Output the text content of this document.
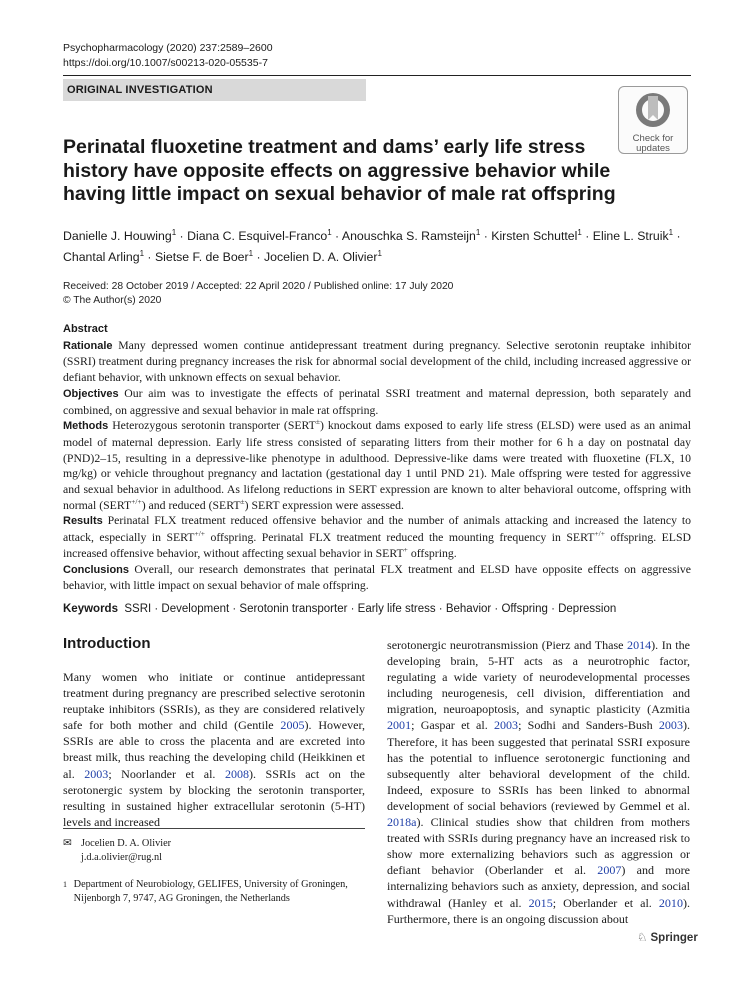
Psychopharmacology (2020) 237:2589–2600
https://doi.org/10.1007/s00213-020-05535-7
ORIGINAL INVESTIGATION
Check for
updates
Perinatal fluoxetine treatment and dams’ early life stress history have opposite effects on aggressive behavior while having little impact on sexual behavior of male rat offspring
Danielle J. Houwing$^1$ · Diana C. Esquivel-Franco$^1$ · Anouschka S. Ramsteijn$^1$ · Kirsten Schuttel$^1$ · Eline L. Struik$^1$ ·
Chantal Arling$^1$ · Sietse F. de Boer$^1$ · Jocelien D. A. Olivier$^1$
Received: 28 October 2019 / Accepted: 22 April 2020 / Published online: 17 July 2020
© The Author(s) 2020
Abstract

Rationale Many depressed women continue antidepressant treatment during pregnancy. Selective serotonin reuptake inhibitor (SSRI) treatment during pregnancy increases the risk for abnormal social development of the child, including increased aggressive or defiant behavior, with unknown effects on sexual behavior.

Objectives Our aim was to investigate the effects of perinatal SSRI treatment and maternal depression, both separately and combined, on aggressive and sexual behavior in male rat offspring.

Methods Heterozygous serotonin transporter (SERT±) knockout dams exposed to early life stress (ELSD) were used as an animal model of maternal depression. Early life stress consisted of separating litters from their mother for 6 h a day on postnatal day (PND)2–15, resulting in a depressive-like phenotype in adulthood. Depressive-like dams were treated with fluoxetine (FLX, 10 mg/kg) or vehicle throughout pregnancy and lactation (gestational day 1 until PND 21). Male offspring were tested for aggressive and sexual behavior in adulthood. As lifelong reductions in SERT expression are known to alter behavioral outcome, offspring with normal (SERT+/+) and reduced (SERT±) SERT expression were assessed.

Results Perinatal FLX treatment reduced offensive behavior and the number of animals attacking and increased the latency to attack, especially in SERT+/+ offspring. Perinatal FLX treatment reduced the mounting frequency in SERT+/+ offspring. ELSD increased offensive behavior, without affecting sexual behavior in SERT+ offspring.

Conclusions Overall, our research demonstrates that perinatal FLX treatment and ELSD have opposite effects on aggressive behavior, with little impact on sexual behavior of male offspring.

Keywords SSRI · Development · Serotonin transporter · Early life stress · Behavior · Offspring · Depression
Introduction
Many women who initiate or continue antidepressant treatment during pregnancy are prescribed selective serotonin reuptake inhibitors (SSRIs), as they are considered relatively safe for both mother and child (Gentile 2005). However, SSRIs are able to cross the placenta and are excreted into breast milk, thus reaching the developing child (Heikkinen et al. 2003; Noorlander et al. 2008). SSRIs act on the serotonergic system by blocking the serotonin transporter, resulting in sustained higher extracellular serotonin (5-HT) levels and increased
serotonergic neurotransmission (Pierz and Thase 2014). In the developing brain, 5-HT acts as a neurotrophic factor, regulating a wide variety of neurodevelopmental processes including neurogenesis, cell division, differentiation and migration, neuroapoptosis, and synaptic plasticity (Azmitia 2001; Gaspar et al. 2003; Sodhi and Sanders-Bush 2003). Therefore, it has been suggested that perinatal SSRI exposure has the potential to influence serotonergic functioning and subsequently alter behavioral development of the child. Indeed, exposure to SSRIs has been linked to abnormal development of social behaviors (reviewed by Gemmel et al. 2018a). Clinical studies show that children from mothers treated with SSRIs during pregnancy have an increased risk to show more externalizing behaviors such as aggression or defiant behavior (Oberlander et al. 2007) and more internalizing behaviors such as anxiety, depression, and social withdrawal (Hanley et al. 2015; Oberlander et al. 2010). Furthermore, there is an ongoing discussion about
✉ Jocelien D. A. Olivier
j.d.a.olivier@rug.nl
1 Department of Neurobiology, GELIFES, University of Groningen, Nijenborgh 7, 9747, AG Groningen, the Netherlands
♘ Springer
